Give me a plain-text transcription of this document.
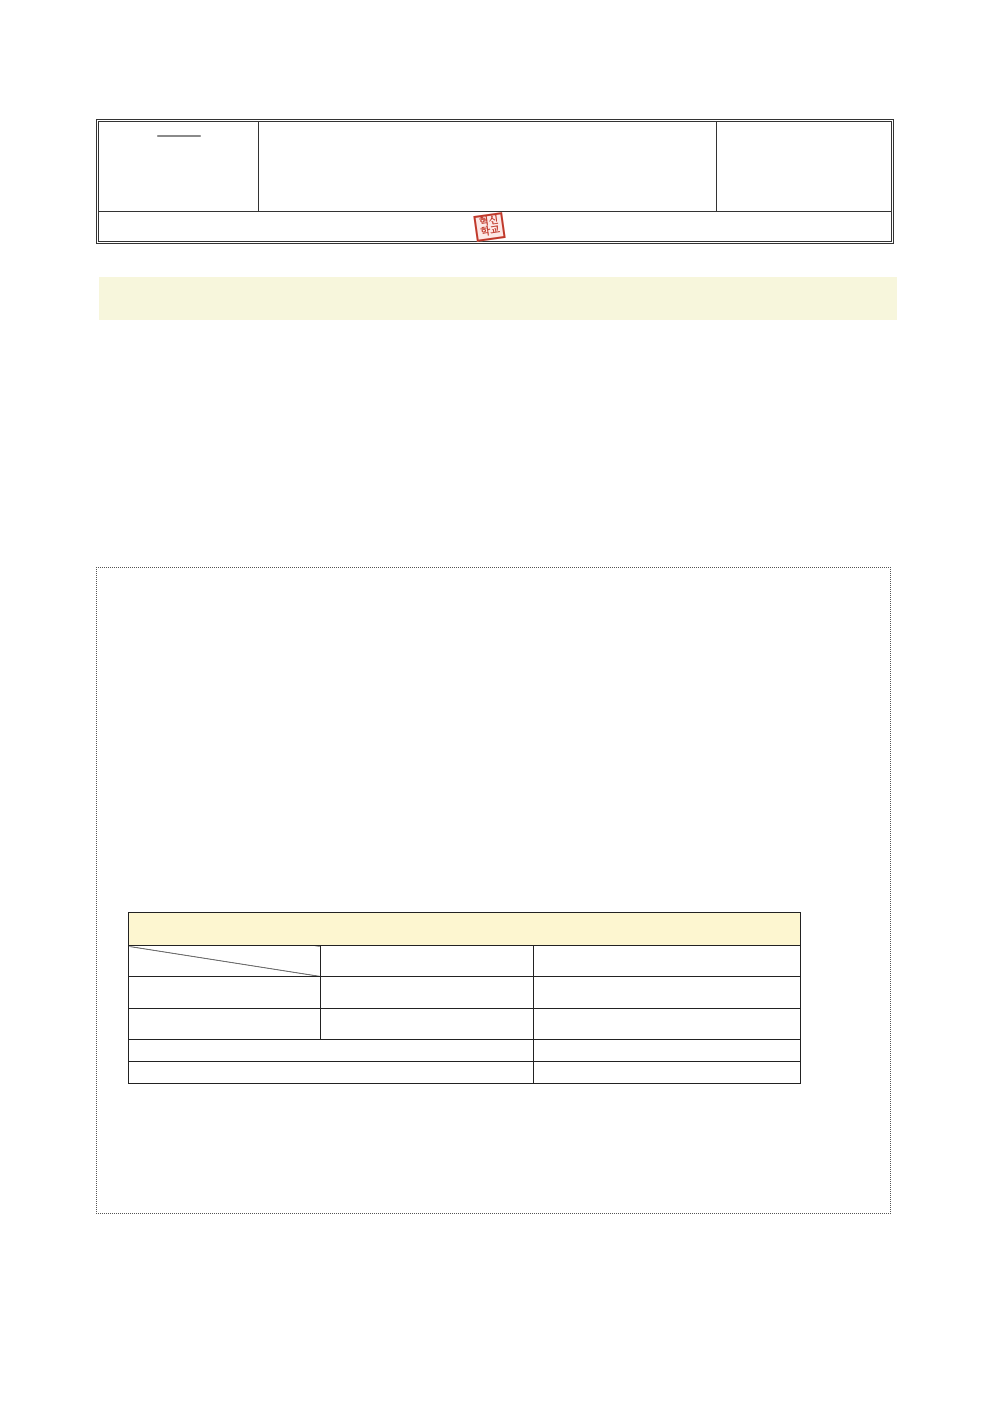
혁신
학교
